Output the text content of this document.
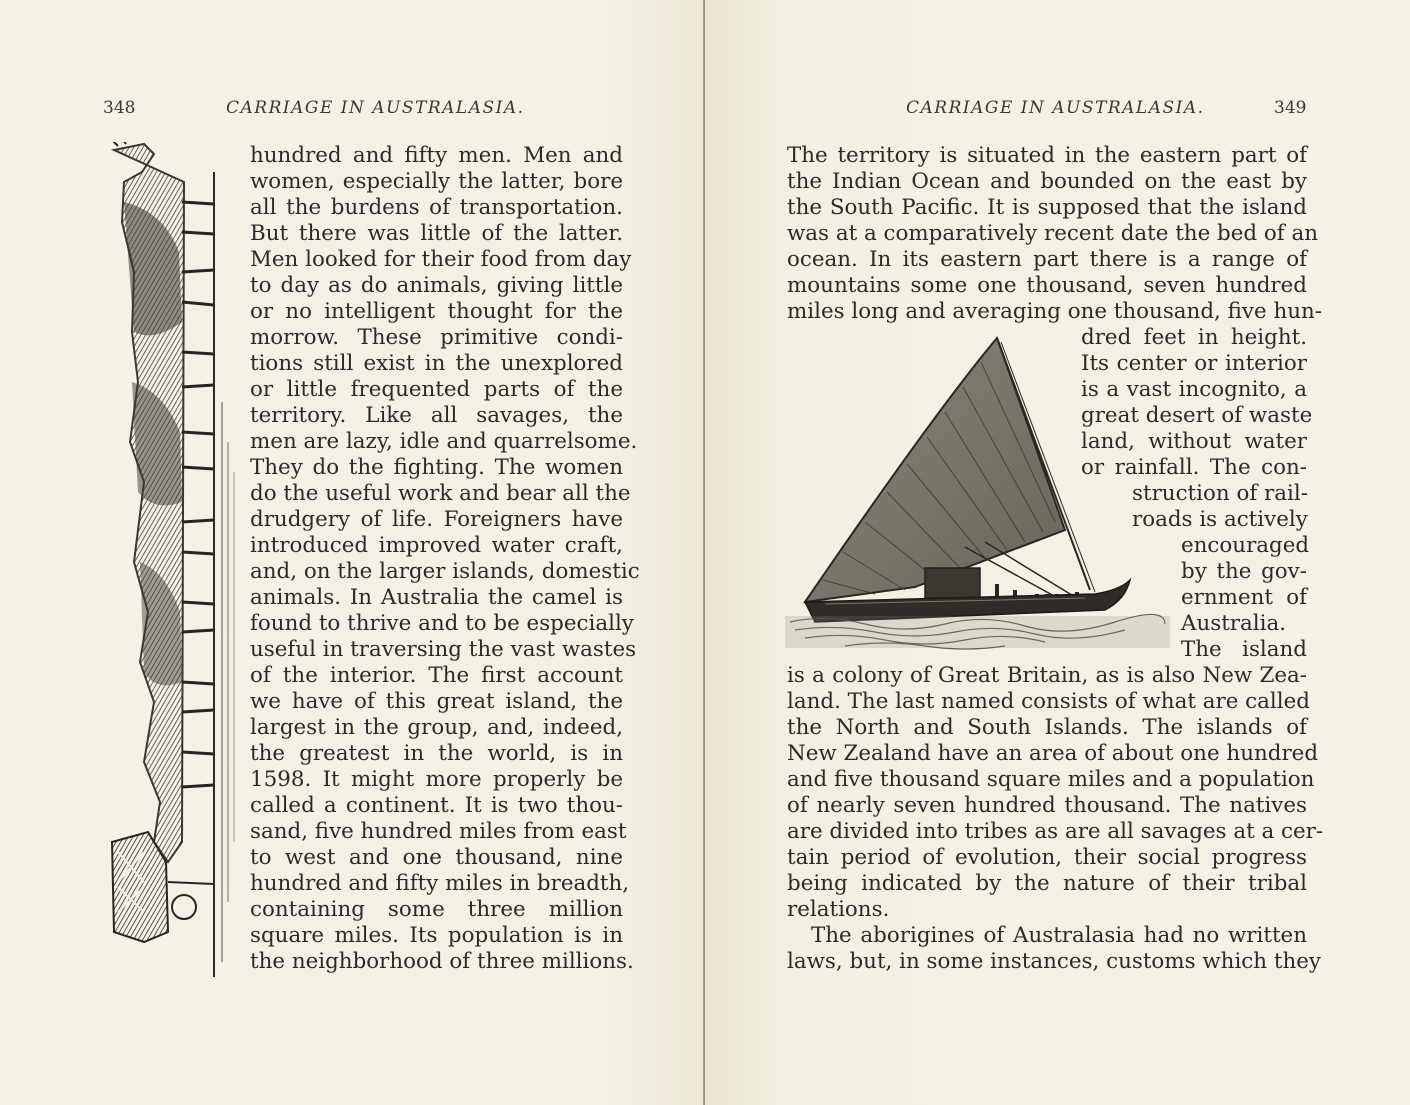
348	CARRIAGE IN AUSTRALASIA.
hundred and fifty men. Men and
women, especially the latter, bore
all the burdens of transportation.
But there was little of the latter.
Men looked for their food from day
to day as do animals, giving little
or no intelligent thought for the
morrow. These primitive condi-
tions still exist in the unexplored
or little frequented parts of the
territory. Like all savages, the
men are lazy, idle and quarrelsome.
They do the fighting. The women
do the useful work and bear all the
drudgery of life. Foreigners have
introduced improved water craft,
and, on the larger islands, domestic
animals. In Australia the camel is
found to thrive and to be especially
useful in traversing the vast wastes
of the interior. The first account
we have of this great island, the
largest in the group, and, indeed,
the greatest in the world, is in
1598. It might more properly be
called a continent. It is two thou-
sand, five hundred miles from east
to west and one thousand, nine
hundred and fifty miles in breadth,
containing some three million
square miles. Its population is in
the neighborhood of three millions.
CARRIAGE IN AUSTRALASIA.	349
The territory is situated in the eastern part of
the Indian Ocean and bounded on the east by
the South Pacific. It is supposed that the island
was at a comparatively recent date the bed of an
ocean. In its eastern part there is a range of
mountains some one thousand, seven hundred
miles long and averaging one thousand, five hun-
dred feet in height.
Its center or interior
is a vast incognito, a
great desert of waste
land, without water
or rainfall. The con-
struction of rail-
roads is actively
encouraged
by the gov-
ernment of
Australia.
The island
is a colony of Great Britain, as is also New Zea-
land. The last named consists of what are called
the North and South Islands. The islands of
New Zealand have an area of about one hundred
and five thousand square miles and a population
of nearly seven hundred thousand. The natives
are divided into tribes as are all savages at a cer-
tain period of evolution, their social progress
being indicated by the nature of their tribal
relations.
The aborigines of Australasia had no written
laws, but, in some instances, customs which they
